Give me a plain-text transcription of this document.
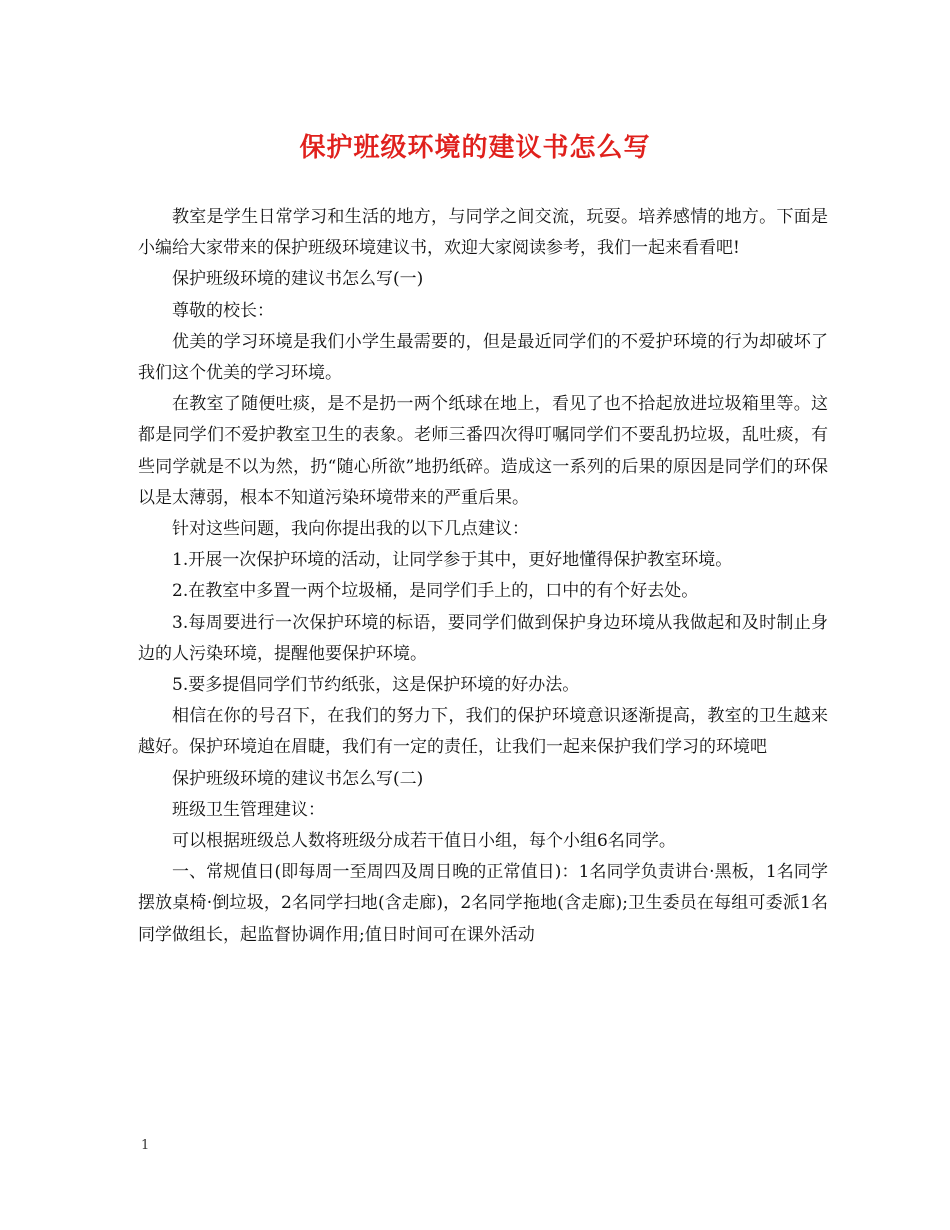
保护班级环境的建议书怎么写

教室是学生日常学习和生活的地方，与同学之间交流，玩耍。培养感情的地方。下面是小编给大家带来的保护班级环境建议书，欢迎大家阅读参考，我们一起来看看吧!

保护班级环境的建议书怎么写(一)

尊敬的校长：

优美的学习环境是我们小学生最需要的，但是最近同学们的不爱护环境的行为却破坏了我们这个优美的学习环境。

在教室了随便吐痰，是不是扔一两个纸球在地上，看见了也不拾起放进垃圾箱里等。这都是同学们不爱护教室卫生的表象。老师三番四次得叮嘱同学们不要乱扔垃圾，乱吐痰，有些同学就是不以为然，扔“随心所欲”地扔纸碎。造成这一系列的后果的原因是同学们的环保以是太薄弱，根本不知道污染环境带来的严重后果。

针对这些问题，我向你提出我的以下几点建议：

1.开展一次保护环境的活动，让同学参于其中，更好地懂得保护教室环境。

2.在教室中多置一两个垃圾桶，是同学们手上的，口中的有个好去处。

3.每周要进行一次保护环境的标语，要同学们做到保护身边环境从我做起和及时制止身边的人污染环境，提醒他要保护环境。

5.要多提倡同学们节约纸张，这是保护环境的好办法。

相信在你的号召下，在我们的努力下，我们的保护环境意识逐渐提高，教室的卫生越来越好。保护环境迫在眉睫，我们有一定的责任，让我们一起来保护我们学习的环境吧

保护班级环境的建议书怎么写(二)

班级卫生管理建议：

可以根据班级总人数将班级分成若干值日小组，每个小组6名同学。

一、常规值日(即每周一至周四及周日晚的正常值日)：1名同学负责讲台·黑板，1名同学摆放桌椅·倒垃圾，2名同学扫地(含走廊)，2名同学拖地(含走廊);卫生委员在每组可委派1名同学做组长，起监督协调作用;值日时间可在课外活动

1
